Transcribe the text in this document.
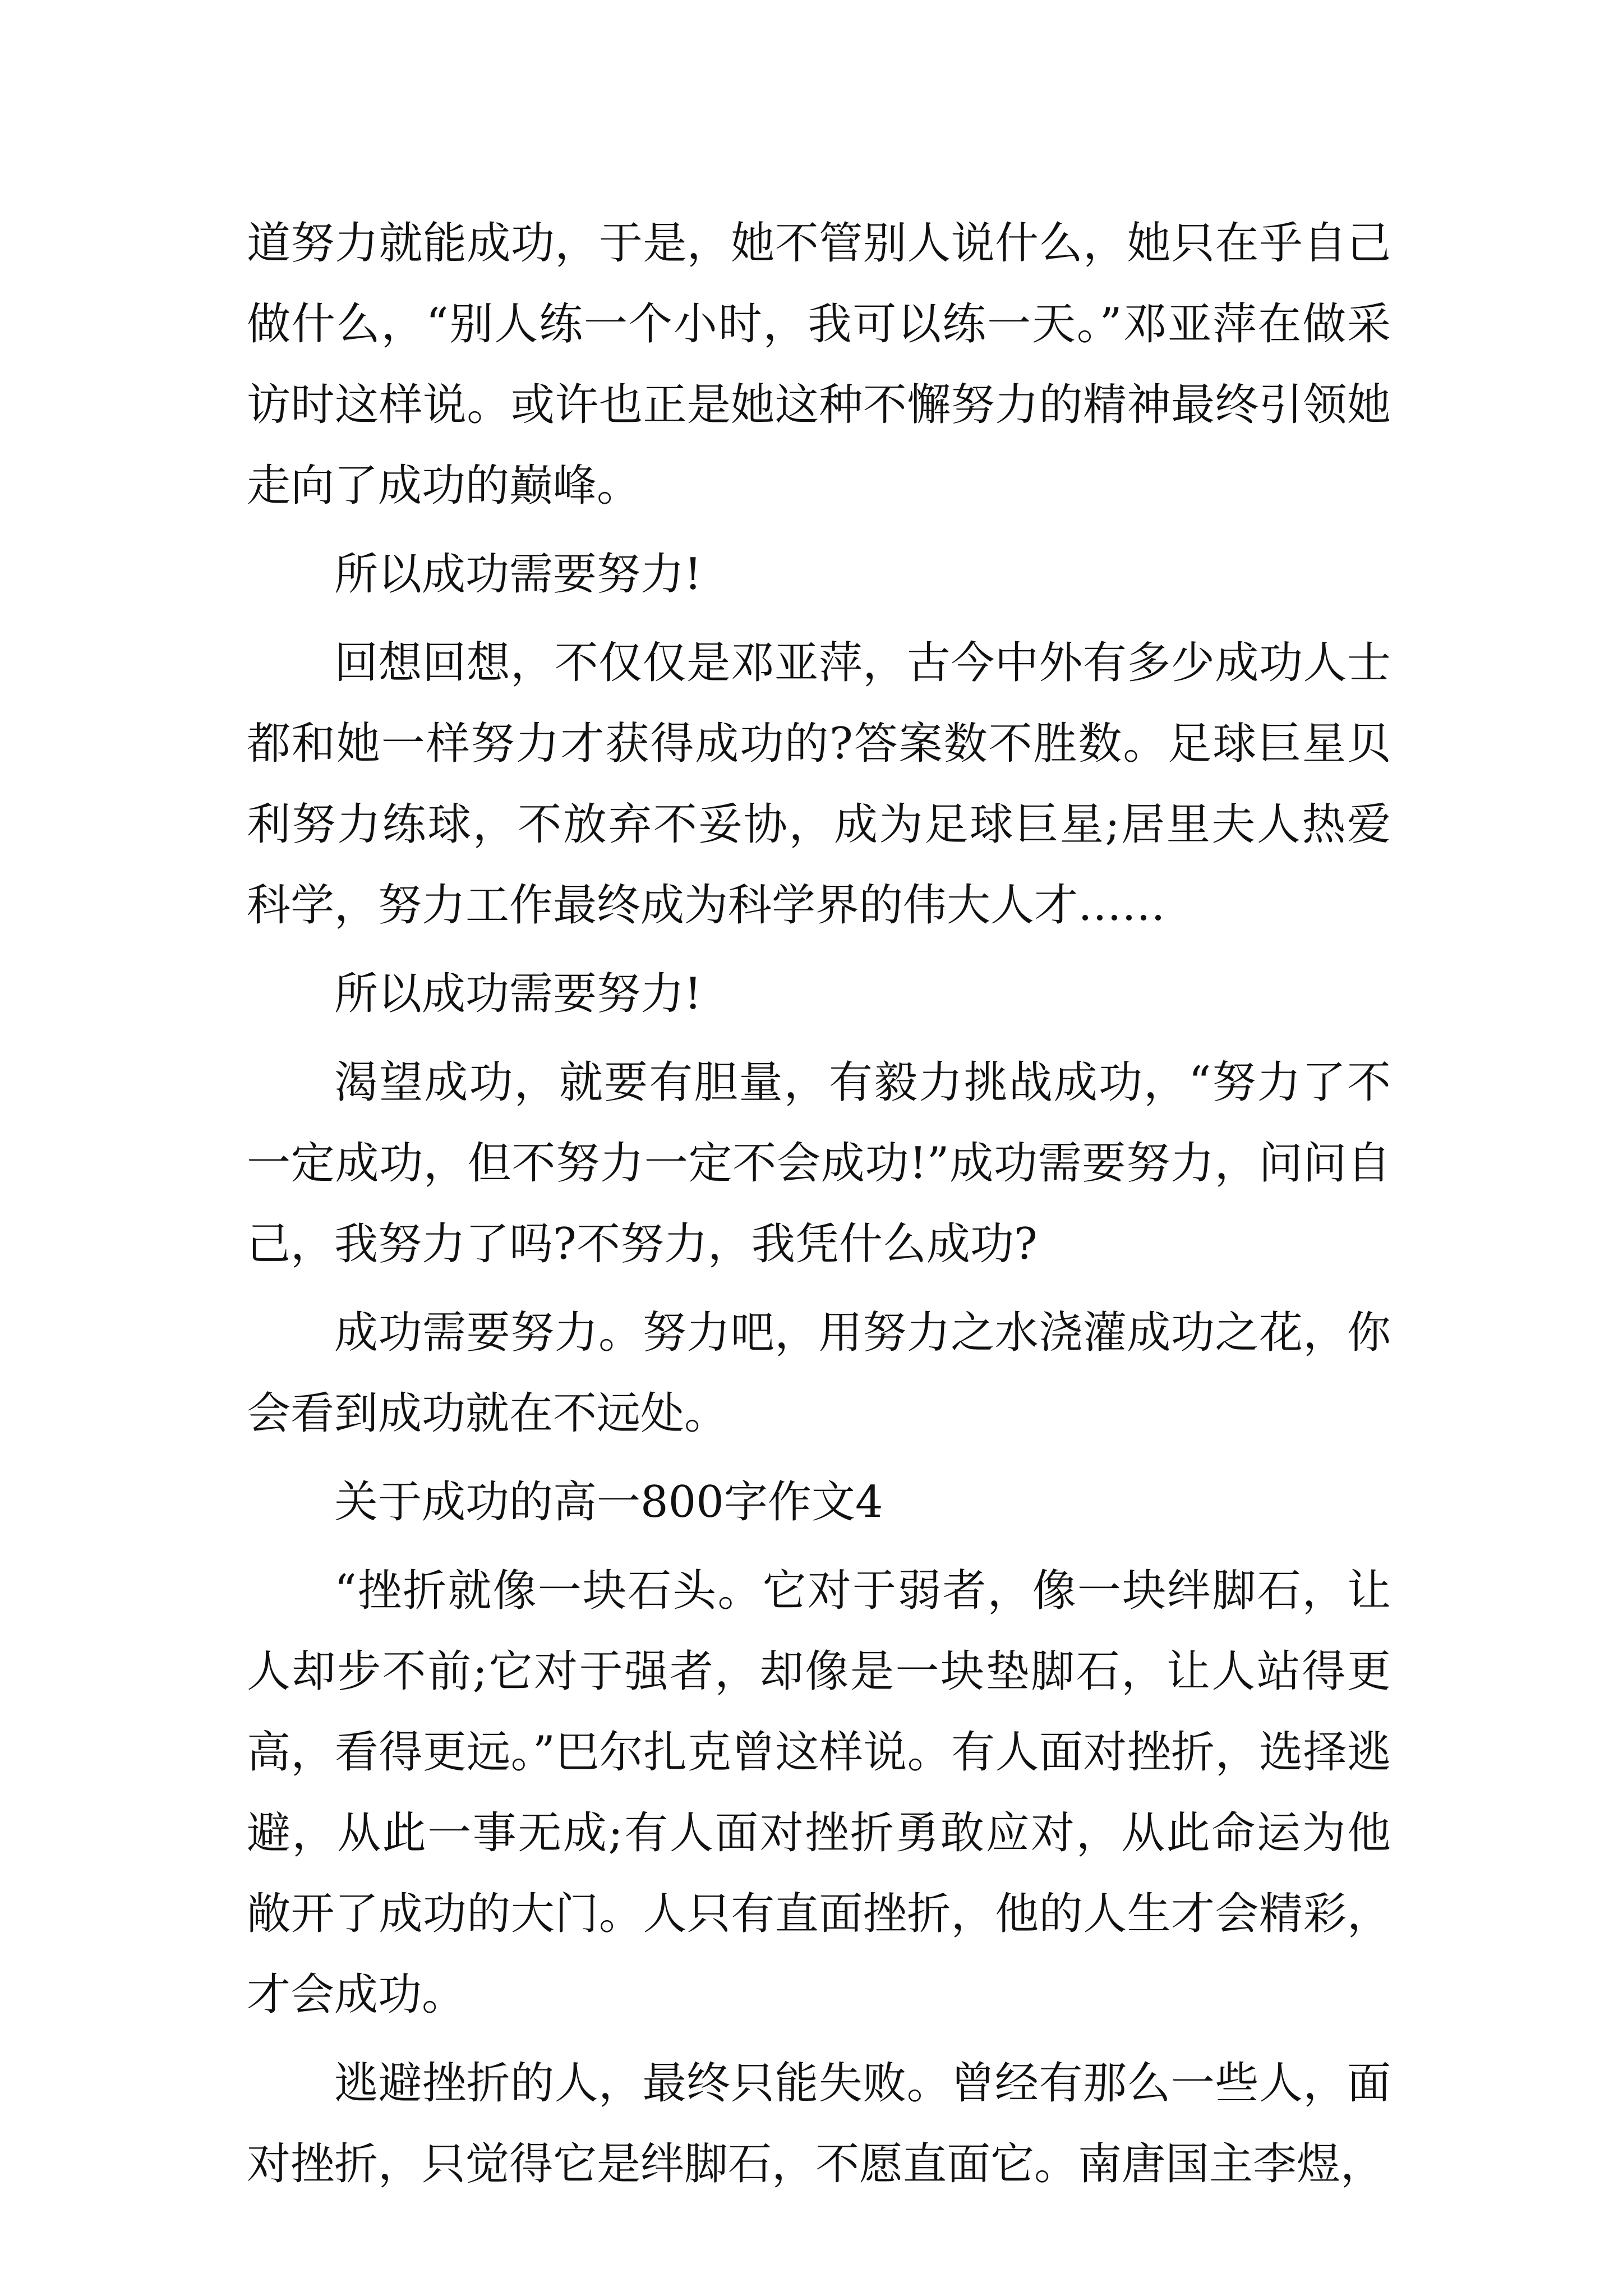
道努力就能成功，于是，她不管别人说什么，她只在乎自己做什么，“别人练一个小时，我可以练一天。”邓亚萍在做采访时这样说。或许也正是她这种不懈努力的精神最终引领她走向了成功的巅峰。

所以成功需要努力!

回想回想，不仅仅是邓亚萍，古今中外有多少成功人士都和她一样努力才获得成功的?答案数不胜数。足球巨星贝利努力练球，不放弃不妥协，成为足球巨星;居里夫人热爱科学，努力工作最终成为科学界的伟大人才……

所以成功需要努力!

渴望成功，就要有胆量，有毅力挑战成功，“努力了不一定成功，但不努力一定不会成功!”成功需要努力，问问自己，我努力了吗?不努力，我凭什么成功?

成功需要努力。努力吧，用努力之水浇灌成功之花，你会看到成功就在不远处。

关于成功的高一800字作文4

“挫折就像一块石头。它对于弱者，像一块绊脚石，让人却步不前;它对于强者，却像是一块垫脚石，让人站得更高，看得更远。”巴尔扎克曾这样说。有人面对挫折，选择逃避，从此一事无成;有人面对挫折勇敢应对，从此命运为他敞开了成功的大门。人只有直面挫折，他的人生才会精彩，才会成功。

逃避挫折的人，最终只能失败。曾经有那么一些人，面对挫折，只觉得它是绊脚石，不愿直面它。南唐国主李煜，
